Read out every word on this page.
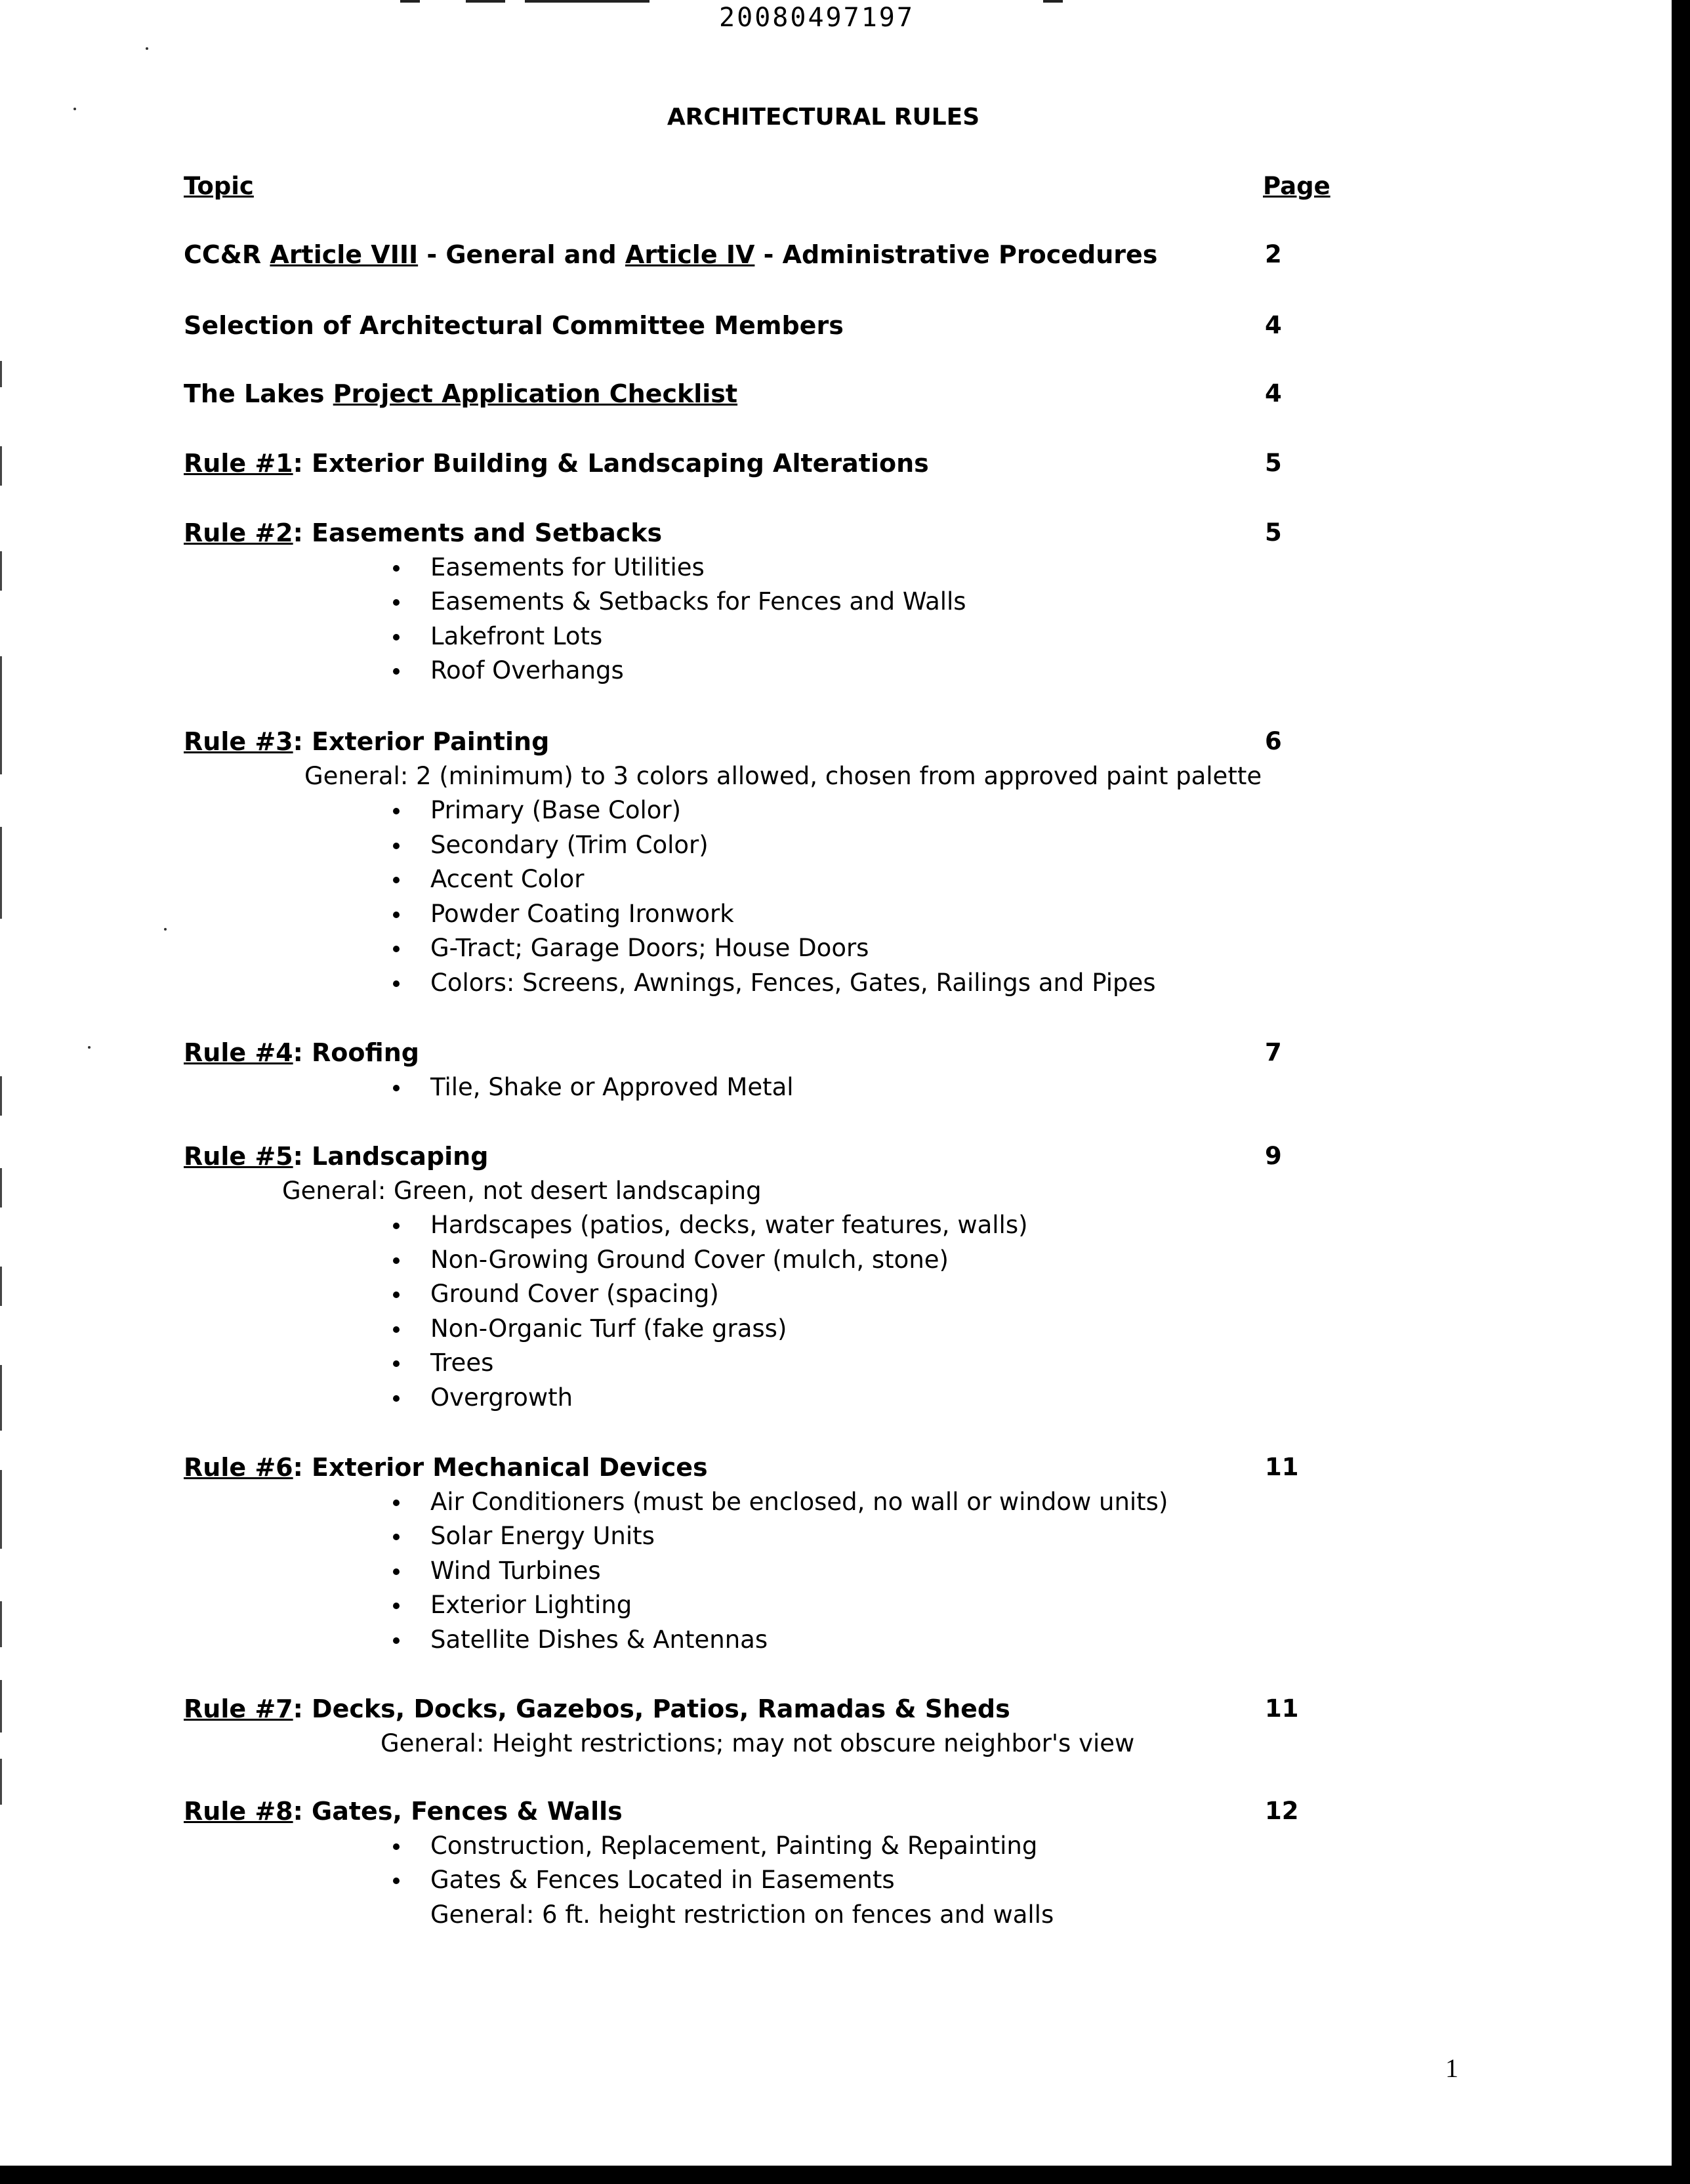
20080497197
ARCHITECTURAL RULES
Topic	Page
CC&R Article VIII - General and Article IV - Administrative Procedures	2
Selection of Architectural Committee Members	4
The Lakes Project Application Checklist	4
Rule #1: Exterior Building & Landscaping Alterations	5
Rule #2: Easements and Setbacks	5
Easements for Utilities
Easements & Setbacks for Fences and Walls
Lakefront Lots
Roof Overhangs
Rule #3: Exterior Painting	6
General: 2 (minimum) to 3 colors allowed, chosen from approved paint palette
Primary (Base Color)
Secondary (Trim Color)
Accent Color
Powder Coating Ironwork
G-Tract; Garage Doors; House Doors
Colors: Screens, Awnings, Fences, Gates, Railings and Pipes
Rule #4: Roofing	7
Tile, Shake or Approved Metal
Rule #5: Landscaping	9
General: Green, not desert landscaping
Hardscapes (patios, decks, water features, walls)
Non-Growing Ground Cover (mulch, stone)
Ground Cover (spacing)
Non-Organic Turf (fake grass)
Trees
Overgrowth
Rule #6: Exterior Mechanical Devices	11
Air Conditioners (must be enclosed, no wall or window units)
Solar Energy Units
Wind Turbines
Exterior Lighting
Satellite Dishes & Antennas
Rule #7: Decks, Docks, Gazebos, Patios, Ramadas & Sheds	11
General: Height restrictions; may not obscure neighbor's view
Rule #8: Gates, Fences & Walls	12
Construction, Replacement, Painting & Repainting
Gates & Fences Located in Easements
General: 6 ft. height restriction on fences and walls
1
